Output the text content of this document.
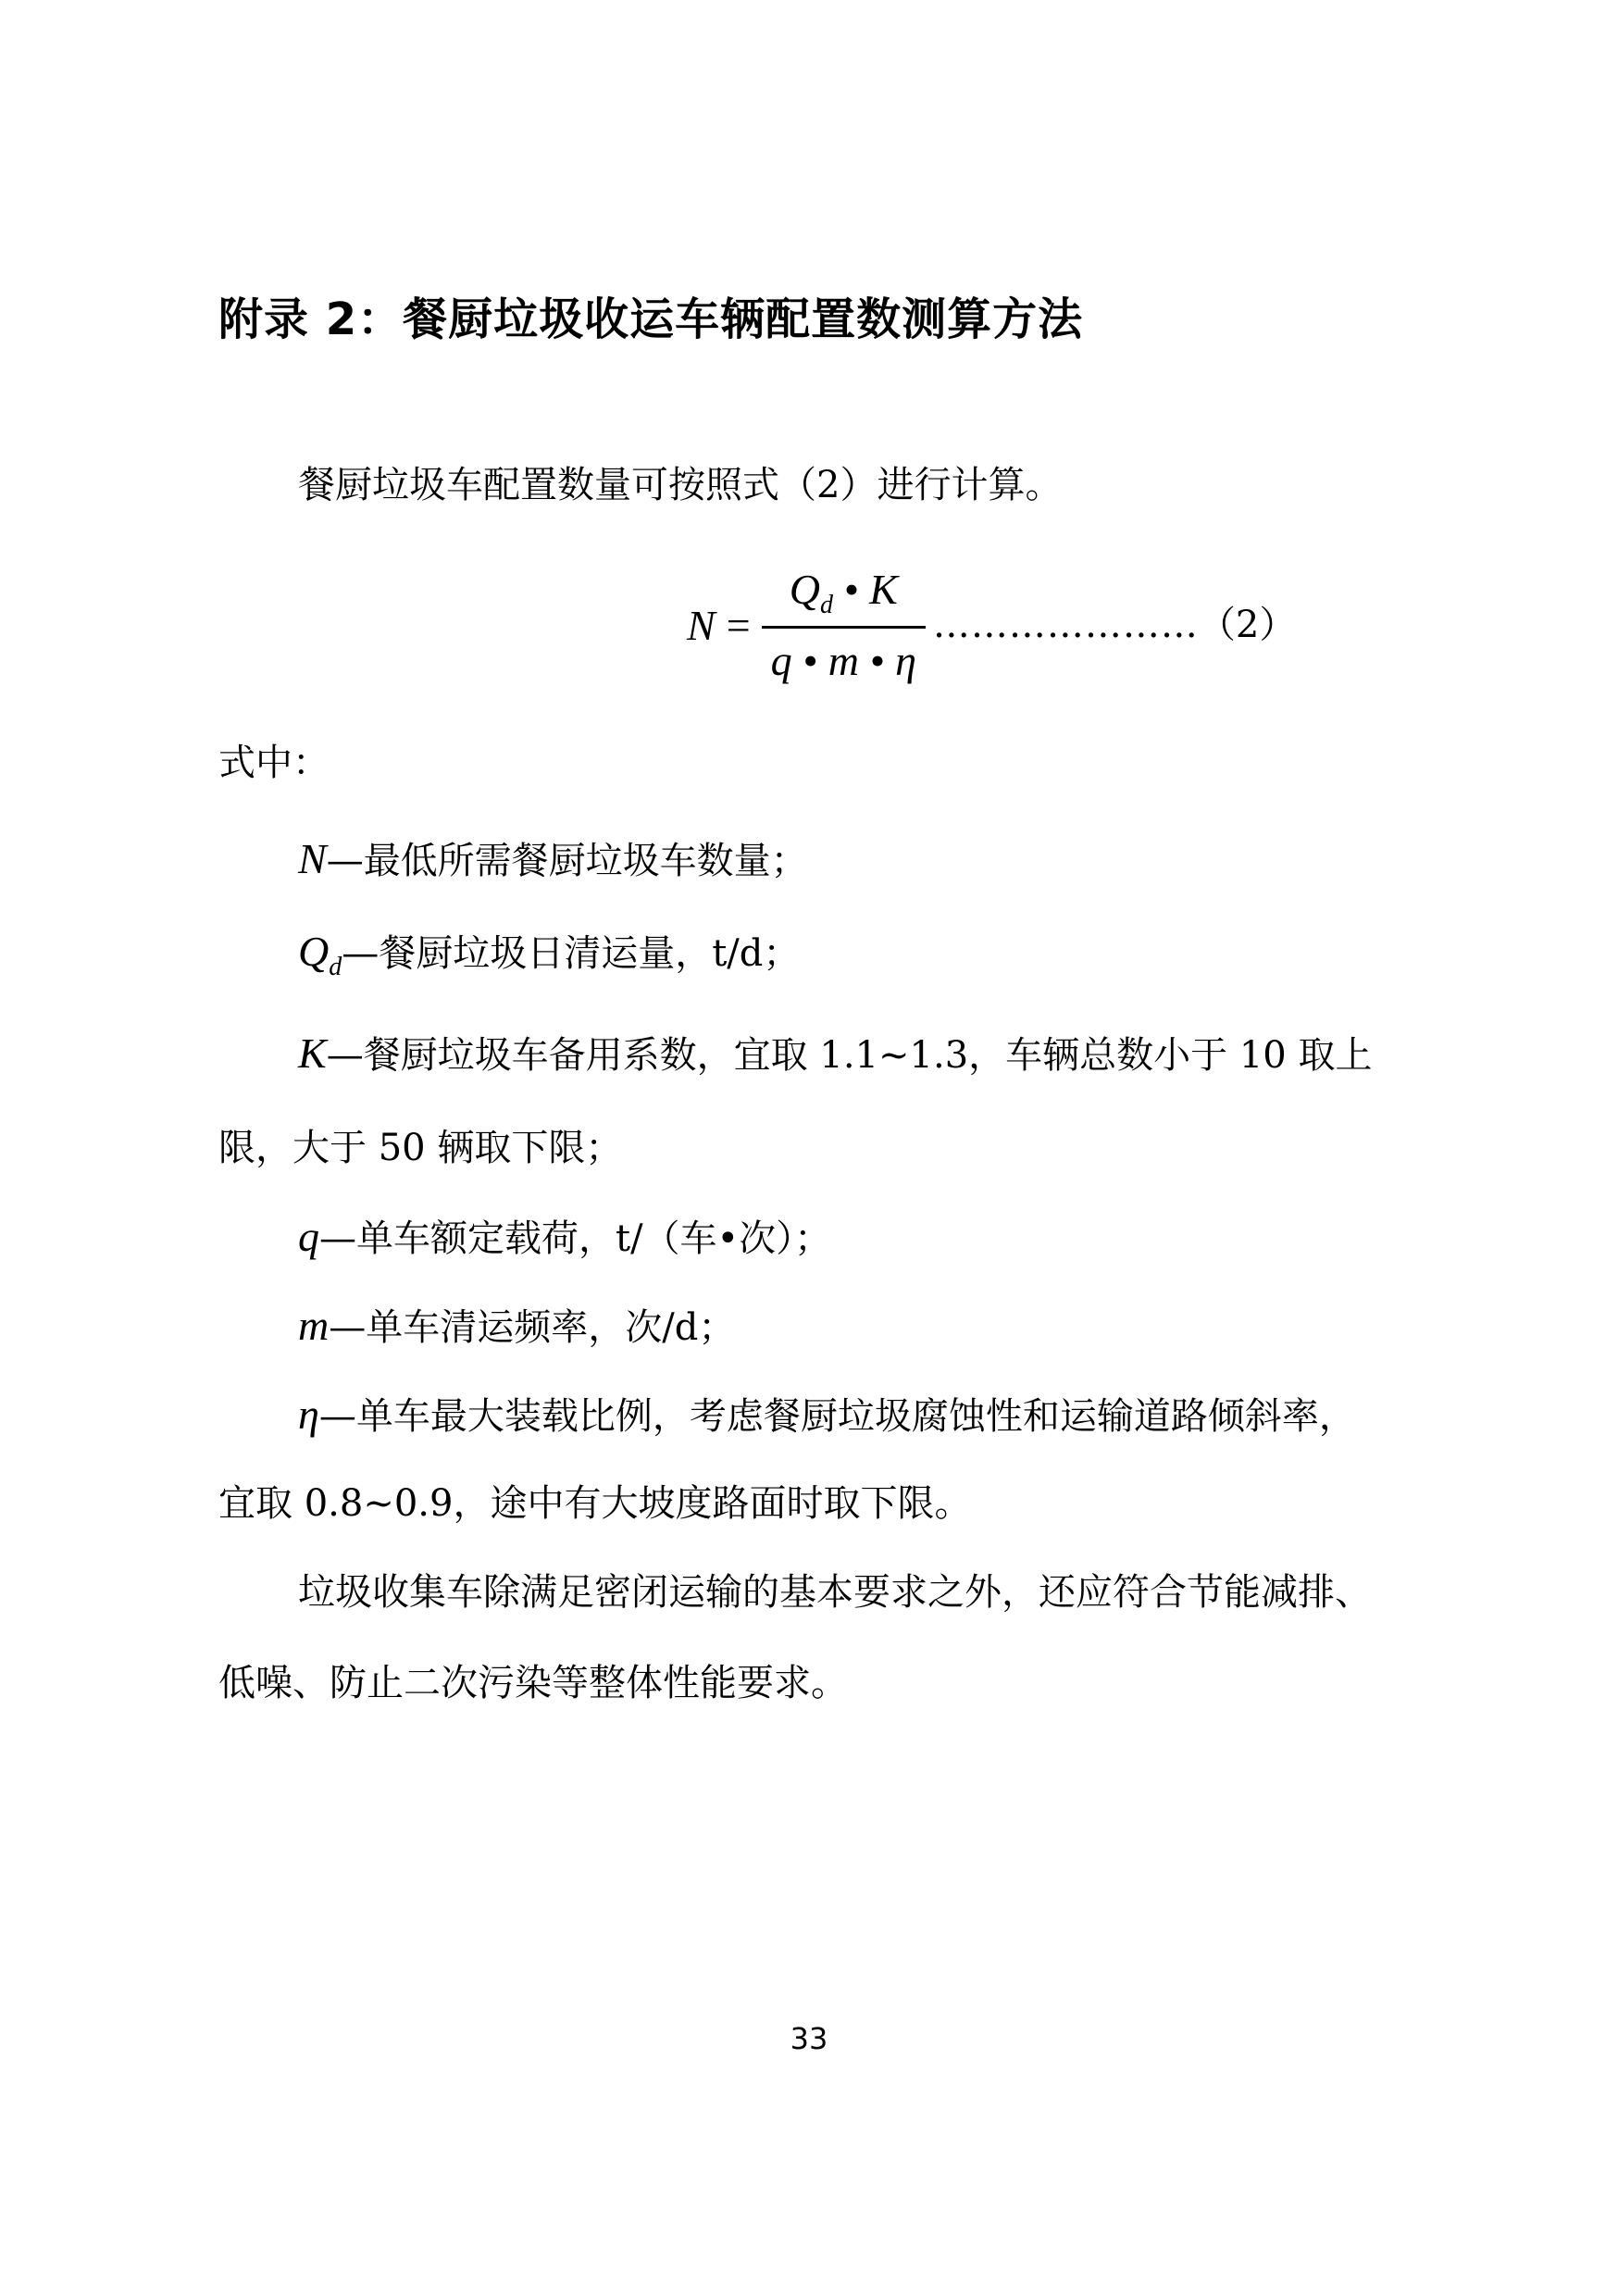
附录 2：餐厨垃圾收运车辆配置数测算方法
餐厨垃圾车配置数量可按照式（2）进行计算。
$N = \frac{Q_d • K}{q • m • \eta}$ ………………… （2）
式中：
N—最低所需餐厨垃圾车数量；
$Q_d—$餐厨垃圾日清运量，t/d；
K—餐厨垃圾车备用系数，宜取 1.1~1.3，车辆总数小于 10 取上
限，大于 50 辆取下限；
q—单车额定载荷，t/（车•次）；
m—单车清运频率，次/d；
η—单车最大装载比例，考虑餐厨垃圾腐蚀性和运输道路倾斜率，
宜取 0.8~0.9，途中有大坡度路面时取下限。
垃圾收集车除满足密闭运输的基本要求之外，还应符合节能减排、
低噪、防止二次污染等整体性能要求。
33
